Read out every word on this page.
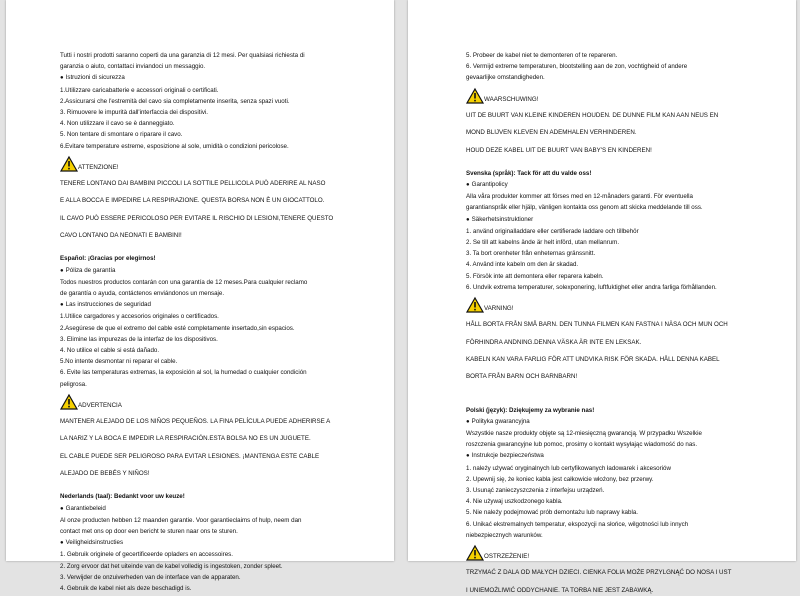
Tutti i nostri prodotti saranno coperti da una garanzia di 12 mesi. Per qualsiasi richiesta di

garanzia o aiuto, contattaci inviandoci un messaggio.

● Istruzioni di sicurezza

1.Utilizzare caricabatterie e accessori originali o certificati.

2.Assicurarsi che l'estremità del cavo sia completamente inserita, senza spazi vuoti.

3. Rimuovere le impurità dall'interfaccia dei dispositivi.

4. Non utilizzare il cavo se è danneggiato.

5. Non tentare di smontare o riparare il cavo.

6.Evitare temperature estreme, esposizione al sole, umidità o condizioni pericolose.

ATTENZIONE!

TENERE LONTANO DAI BAMBINI PICCOLI LA SOTTILE PELLICOLA PUÒ ADERIRE AL NASO

E ALLA BOCCA E IMPEDIRE LA RESPIRAZIONE. QUESTA BORSA NON È UN GIOCATTOLO.

IL CAVO PUÒ ESSERE PERICOLOSO PER EVITARE IL RISCHIO DI LESIONI,TENERE QUESTO

CAVO LONTANO DA NEONATI E BAMBINI!

Español: ¡Gracias por elegirnos!

● Póliza de garantía

Todos nuestros productos contarán con una garantía de 12 meses.Para cualquier reclamo

de garantía o ayuda, contáctenos enviándonos un mensaje.

● Las instrucciones de seguridad

1.Utilice cargadores y accesorios originales o certificados.

2.Asegúrese de que el extremo del cable esté completamente insertado,sin espacios.

3. Elimine las impurezas de la interfaz de los dispositivos.

4. No utilice el cable si está dañado.

5.No intente desmontar ni reparar el cable.

6. Evite las temperaturas extremas, la exposición al sol, la humedad o cualquier condición

peligrosa.

ADVERTENCIA

MANTENER ALEJADO DE LOS NIÑOS PEQUEÑOS. LA FINA PELÍCULA PUEDE ADHERIRSE A

LA NARIZ Y LA BOCA E IMPEDIR LA RESPIRACIÓN.ESTA BOLSA NO ES UN JUGUETE.

EL CABLE PUEDE SER PELIGROSO PARA EVITAR LESIONES. ¡MANTENGA ESTE CABLE

ALEJADO DE BEBÉS Y NIÑOS!

Nederlands (taal): Bedankt voor uw keuze!

● Garantiebeleid

Al onze producten hebben 12 maanden garantie. Voor garantieclaims of hulp, neem dan

contact met ons op door een bericht te sturen naar ons te sturen.

● Veiligheidsinstructies

1. Gebruik originele of gecertificeerde opladers en accessoires.

2. Zorg ervoor dat het uiteinde van de kabel volledig is ingestoken, zonder spleet.

3. Verwijder de onzuiverheden van de interface van de apparaten.

4. Gebruik de kabel niet als deze beschadigd is.

5. Probeer de kabel niet te demonteren of te repareren.

6. Vermijd extreme temperaturen, blootstelling aan de zon, vochtigheid of andere

gevaarlijke omstandigheden.

WAARSCHUWING!

UIT DE BUURT VAN KLEINE KINDEREN HOUDEN. DE DUNNE FILM KAN AAN NEUS EN

MOND BLIJVEN KLEVEN EN ADEMHALEN VERHINDEREN.

HOUD DEZE KABEL UIT DE BUURT VAN BABY'S EN KINDEREN!

Svenska (språk): Tack för att du valde oss!

● Garantipolicy

Alla våra produkter kommer att förses med en 12-månaders garanti. För eventuella

garantianspråk eller hjälp, vänligen kontakta oss genom att skicka meddelande till oss.

● Säkerhetsinstruktioner

1. använd originalladdare eller certifierade laddare och tillbehör

2. Se till att kabelns ände är helt införd, utan mellanrum.

3. Ta bort orenheter från enheternas gränssnitt.

4. Använd inte kabeln om den är skadad.

5. Försök inte att demontera eller reparera kabeln.

6. Undvik extrema temperaturer, solexponering, luftfuktighet eller andra farliga förhållanden.

VARNING!

HÅLL BORTA FRÅN SMÅ BARN. DEN TUNNA FILMEN KAN FASTNA I NÄSA OCH MUN OCH

FÖRHINDRA ANDNING.DENNA VÄSKA ÄR INTE EN LEKSAK.

KABELN KAN VARA FARLIG FÖR ATT UNDVIKA RISK FÖR SKADA. HÅLL DENNA KABEL

BORTA FRÅN BARN OCH BARNBARN!

Polski (język): Dziękujemy za wybranie nas!

● Polityka gwarancyjna

Wszystkie nasze produkty objęte są 12-miesięczną gwarancją. W przypadku Wszelkie

roszczenia gwarancyjne lub pomoc, prosimy o kontakt wysyłając wiadomość do nas.

● Instrukcje bezpieczeństwa

1. należy używać oryginalnych lub certyfikowanych ładowarek i akcesoriów

2. Upewnij się, że koniec kabla jest całkowicie włożony, bez przerwy.

3. Usunąć zanieczyszczenia z interfejsu urządzeń.

4. Nie używaj uszkodzonego kabla.

5. Nie należy podejmować prób demontażu lub naprawy kabla.

6. Unikać ekstremalnych temperatur, ekspozycji na słońce, wilgotności lub innych

niebezpiecznych warunków.

OSTRZEŻENIE!

TRZYMAĆ Z DALA OD MAŁYCH DZIECI. CIENKA FOLIA MOŻE PRZYLGNĄĆ DO NOSA I UST

I UNIEMOŻLIWIĆ ODDYCHANIE. TA TORBA NIE JEST ZABAWKĄ.
